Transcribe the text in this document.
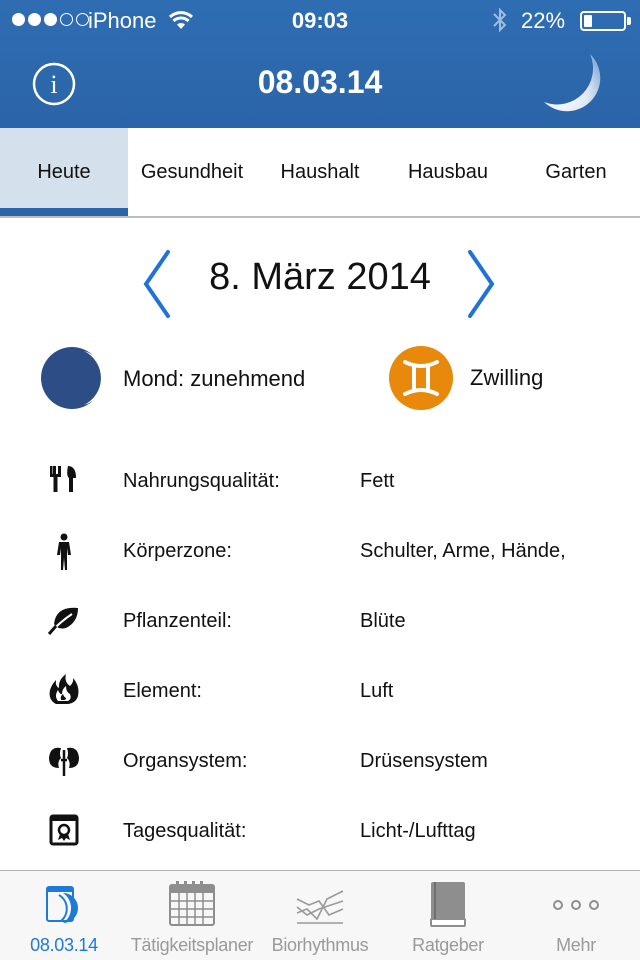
iPhone	09:03	22%
i	08.03.14
Heute	Gesundheit Haushalt Hausbau	Garten
8. März 2014
Mond: zunehmend	Zwilling
Nahrungsqualität:	Fett
Körperzone:	Schulter, Arme, Hände,
Pflanzenteil:	Blüte
Element:	Luft
Organsystem:	Drüsensystem
Tagesqualität:	Licht-/Lufttag
08.03.14	Tätigkeitsplaner	Biorhythmus	Ratgeber	Mehr
